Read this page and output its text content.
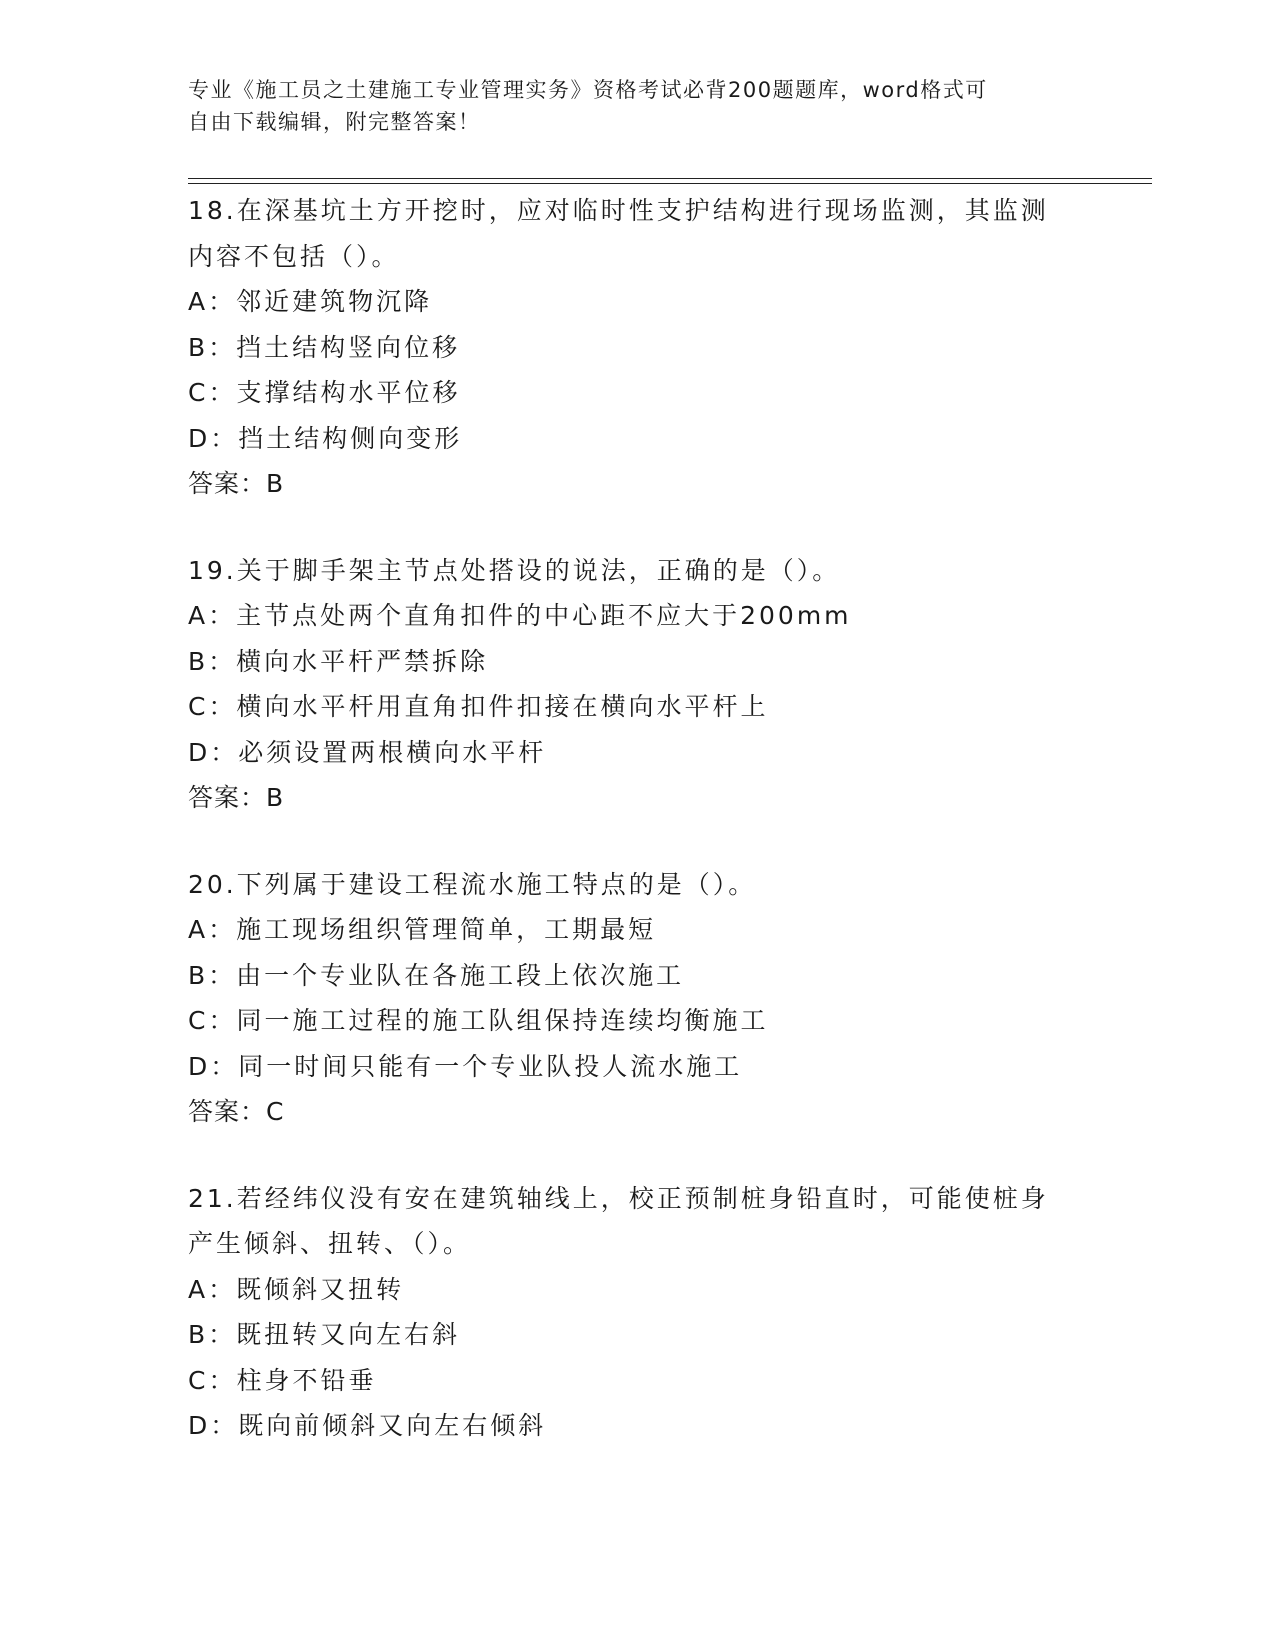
专业《施工员之土建施工专业管理实务》资格考试必背200题题库，word格式可
自由下载编辑，附完整答案！
18.在深基坑土方开挖时，应对临时性支护结构进行现场监测，其监测
内容不包括（）。
A：邻近建筑物沉降
B：挡土结构竖向位移
C：支撑结构水平位移
D：挡土结构侧向变形
答案：B
19.关于脚手架主节点处搭设的说法，正确的是（）。
A：主节点处两个直角扣件的中心距不应大于200mm
B：横向水平杆严禁拆除
C：横向水平杆用直角扣件扣接在横向水平杆上
D：必须设置两根横向水平杆
答案：B
20.下列属于建设工程流水施工特点的是（）。
A：施工现场组织管理简单，工期最短
B：由一个专业队在各施工段上依次施工
C：同一施工过程的施工队组保持连续均衡施工
D：同一时间只能有一个专业队投人流水施工
答案：C
21.若经纬仪没有安在建筑轴线上，校正预制桩身铅直时，可能使桩身
产生倾斜、扭转、（）。
A：既倾斜又扭转
B：既扭转又向左右斜
C：柱身不铅垂
D：既向前倾斜又向左右倾斜
